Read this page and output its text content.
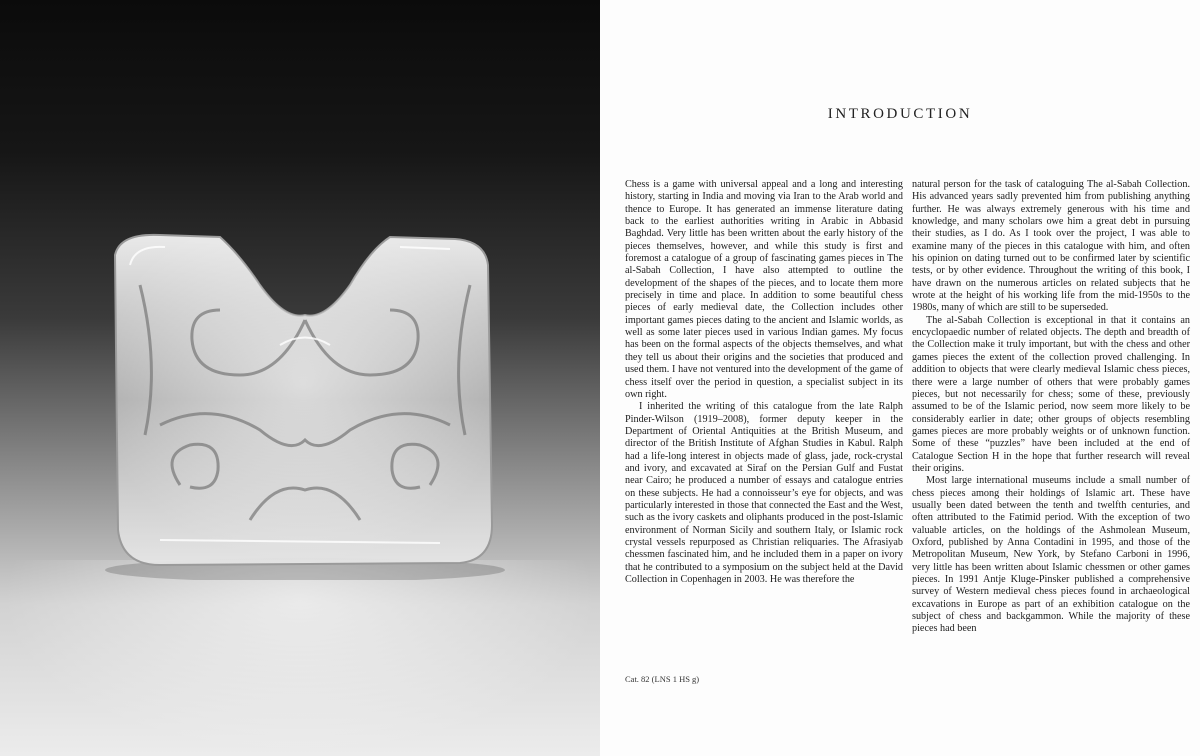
INTRODUCTION

Chess is a game with universal appeal and a long and interesting history, starting in India and moving via Iran to the Arab world and thence to Europe. It has generated an immense literature dating back to the earliest authorities writing in Arabic in Abbasid Baghdad. Very little has been written about the early history of the pieces themselves, however, and while this study is first and foremost a catalogue of a group of fascinating games pieces in The al-Sabah Collection, I have also attempted to outline the development of the shapes of the pieces, and to locate them more precisely in time and place. In addition to some beautiful chess pieces of early medieval date, the Collection includes other important games pieces dating to the ancient and Islamic worlds, as well as some later pieces used in various Indian games. My focus has been on the formal aspects of the objects themselves, and what they tell us about their origins and the societies that produced and used them. I have not ventured into the development of the game of chess itself over the period in question, a specialist subject in its own right.

I inherited the writing of this catalogue from the late Ralph Pinder-Wilson (1919–2008), former deputy keeper in the Department of Oriental Antiquities at the British Museum, and director of the British Institute of Afghan Studies in Kabul. Ralph had a life-long interest in objects made of glass, jade, rock-crystal and ivory, and excavated at Siraf on the Persian Gulf and Fustat near Cairo; he produced a number of essays and catalogue entries on these subjects. He had a connoisseur’s eye for objects, and was particularly interested in those that connected the East and the West, such as the ivory caskets and oliphants produced in the post-Islamic environment of Norman Sicily and southern Italy, or Islamic rock crystal vessels repurposed as Christian reliquaries. The Afrasiyab chessmen fascinated him, and he included them in a paper on ivory that he contributed to a symposium on the subject held at the David Collection in Copenhagen in 2003. He was therefore the

natural person for the task of cataloguing The al-Sabah Collection. His advanced years sadly prevented him from publishing anything further. He was always extremely generous with his time and knowledge, and many scholars owe him a great debt in pursuing their studies, as I do. As I took over the project, I was able to examine many of the pieces in this catalogue with him, and often his opinion on dating turned out to be confirmed later by scientific tests, or by other evidence. Throughout the writing of this book, I have drawn on the numerous articles on related subjects that he wrote at the height of his working life from the mid-1950s to the 1980s, many of which are still to be superseded.

The al-Sabah Collection is exceptional in that it contains an encyclopaedic number of related objects. The depth and breadth of the Collection make it truly important, but with the chess and other games pieces the extent of the collection proved challenging. In addition to objects that were clearly medieval Islamic chess pieces, there were a large number of others that were probably games pieces, but not necessarily for chess; some of these, previously assumed to be of the Islamic period, now seem more likely to be considerably earlier in date; other groups of objects resembling games pieces are more probably weights or of unknown function. Some of these “puzzles” have been included at the end of Catalogue Section H in the hope that further research will reveal their origins.

Most large international museums include a small number of chess pieces among their holdings of Islamic art. These have usually been dated between the tenth and twelfth centuries, and often attributed to the Fatimid period. With the exception of two valuable articles, on the holdings of the Ashmolean Museum, Oxford, published by Anna Contadini in 1995, and those of the Metropolitan Museum, New York, by Stefano Carboni in 1996, very little has been written about Islamic chessmen or other games pieces. In 1991 Antje Kluge-Pinsker published a comprehensive survey of Western medieval chess pieces found in archaeological excavations in Europe as part of an exhibition catalogue on the subject of chess and backgammon. While the majority of these pieces had been

Cat. 82 (LNS 1 HS g)
